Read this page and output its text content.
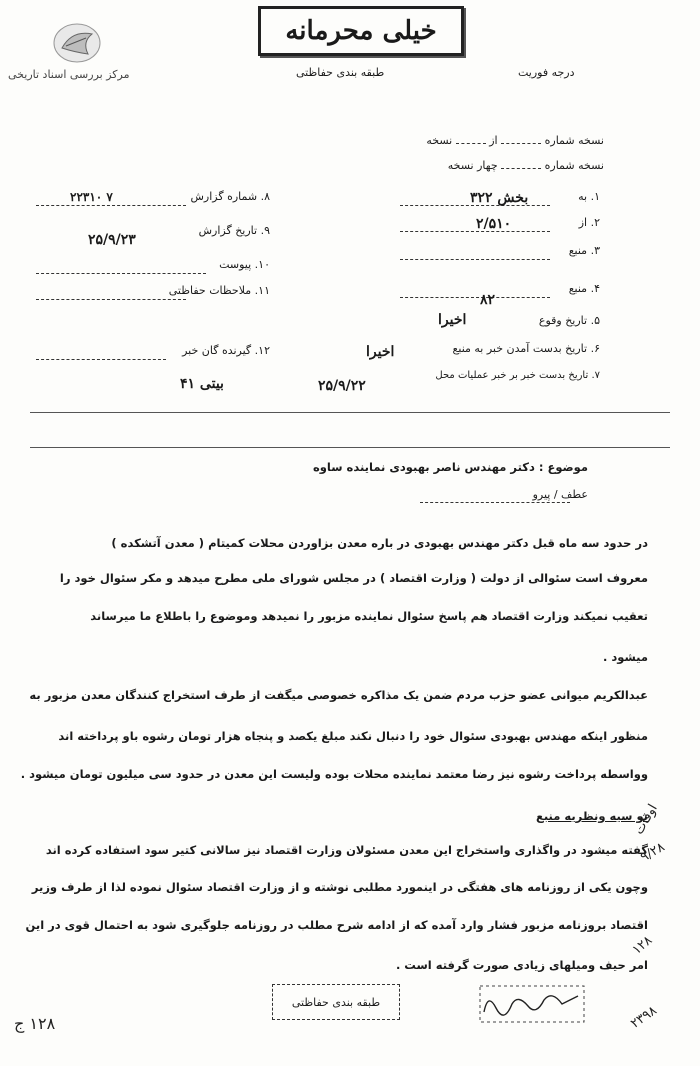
خیلی محرمانه
مرکز بررسی اسناد تاریخی	درجه فوریت
طبقه بندی حفاظتی
نسخه شماره  از  نسخه
نسخه شماره  چهار نسخه
۱. به
بخش ۳۲۲
۲. از
۲/۵۱۰
۳. منبع
۴. منبع
۸۲
۵. تاریخ وقوع
اخیرا
۶. تاریخ بدست آمدن خبر به منبع
اخیرا
۷. تاریخ بدست خبر بر خبر عملیات محل
۲۵/۹/۲۲
۸. شماره گزارش
۲۲۳۱۰ ۷
۹. تاریخ گزارش
۲۵/۹/۲۳
۱۰. پیوست
۱۱. ملاحظات حفاظتی
۱۲. گیرنده گان خبر
بیتی ۴۱
موضوع : دکتر مهندس ناصر بهبودی نماینده ساوه
عطف / پیرو
در حدود سه ماه قبل دکتر مهندس بهبودی در باره معدن بزاوردن محلات کمیتام ( معدن آتشکده )
معروف است سئوالی از دولت ( وزارت اقتصاد ) در مجلس شورای ملی مطرح میدهد و مکر سئوال خود را
تعقیب نمیکند وزارت اقتصاد هم پاسخ سئوال نماینده مزبور را نمیدهد وموضوع را باطلاع ما میرساند
میشود .
عبدالکریم میوانی عضو حزب مردم ضمن یک مذاکره خصوصی میگفت از طرف استخراج کنندگان معدن مزبور به
منظور اینکه مهندس بهبودی سئوال خود را دنبال نکند مبلغ یکصد و پنجاه هزار تومان رشوه باو پرداخته اند
وواسطه پرداخت رشوه نیز رضا معتمد نماینده محلات بوده ولیست این معدن در حدود سی میلیون تومان میشود .
تو سیه ونظریه منبع
گفته میشود در واگذاری واستخراج این معدن مسئولان وزارت اقتصاد نیز سالانی کتیر سود استفاده کرده اند
وچون یکی از روزنامه های هفتگی در اینمورد مطلبی نوشته و از وزارت اقتصاد سئوال نموده لذا از طرف وزیر
اقتصاد بروزنامه مزبور فشار وارد آمده که از ادامه شرح مطلب در روزنامه جلوگیری شود به احتمال قوی در این
امر حیف ومیلهای زیادی صورت گرفته است .
اوقات
۹/۲۸
۱۲۸
۲۳۹۸
طبقه بندی حفاظتی
۱۲۸ ج
